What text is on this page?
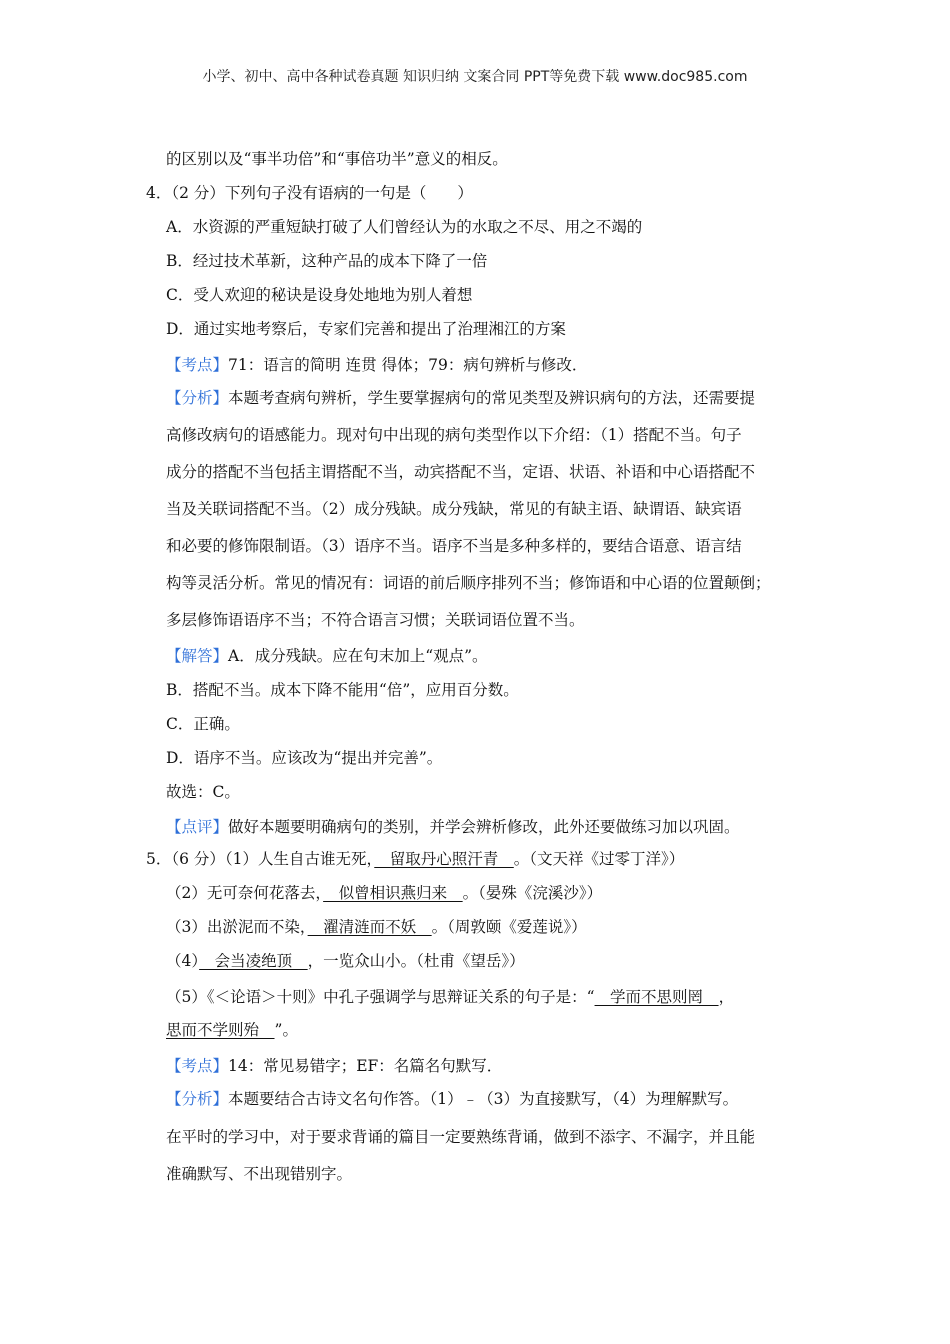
小学、初中、高中各种试卷真题 知识归纳 文案合同 PPT等免费下载 www.doc985.com
的区别以及“事半功倍”和“事倍功半”意义的相反。
4．（2 分）下列句子没有语病的一句是（　　）
A．水资源的严重短缺打破了人们曾经认为的水取之不尽、用之不竭的
B．经过技术革新，这种产品的成本下降了一倍
C．受人欢迎的秘诀是设身处地地为别人着想
D．通过实地考察后，专家们完善和提出了治理湘江的方案
【考点】71：语言的简明 连贯 得体；79：病句辨析与修改．
【分析】本题考查病句辨析，学生要掌握病句的常见类型及辨识病句的方法，还需要提
高修改病句的语感能力。现对句中出现的病句类型作以下介绍：（1）搭配不当。句子
成分的搭配不当包括主谓搭配不当，动宾搭配不当，定语、状语、补语和中心语搭配不
当及关联词搭配不当。（2）成分残缺。成分残缺，常见的有缺主语、缺谓语、缺宾语
和必要的修饰限制语。（3）语序不当。语序不当是多种多样的，要结合语意、语言结
构等灵活分析。常见的情况有：词语的前后顺序排列不当；修饰语和中心语的位置颠倒；
多层修饰语语序不当；不符合语言习惯；关联词语位置不当。
【解答】A．成分残缺。应在句末加上“观点”。
B．搭配不当。成本下降不能用“倍”，应用百分数。
C．正确。
D．语序不当。应该改为“提出并完善”。
故选：C。
【点评】做好本题要明确病句的类别，并学会辨析修改，此外还要做练习加以巩固。
5．（6 分）（1）人生自古谁无死，　留取丹心照汗青　。（文天祥《过零丁洋》）
（2）无可奈何花落去，　似曾相识燕归来　。（晏殊《浣溪沙》）
（3）出淤泥而不染，　濯清涟而不妖　。（周敦颐《爱莲说》）
（4）　会当凌绝顶　，一览众山小。（杜甫《望岳》）
（5）《＜论语＞十则》中孔子强调学与思辩证关系的句子是：“　学而不思则罔　，
思而不学则殆　”。
【考点】14：常见易错字；EF：名篇名句默写．
【分析】本题要结合古诗文名句作答。（1）﹣（3）为直接默写，（4）为理解默写。
在平时的学习中，对于要求背诵的篇目一定要熟练背诵，做到不添字、不漏字，并且能
准确默写、不出现错别字。
